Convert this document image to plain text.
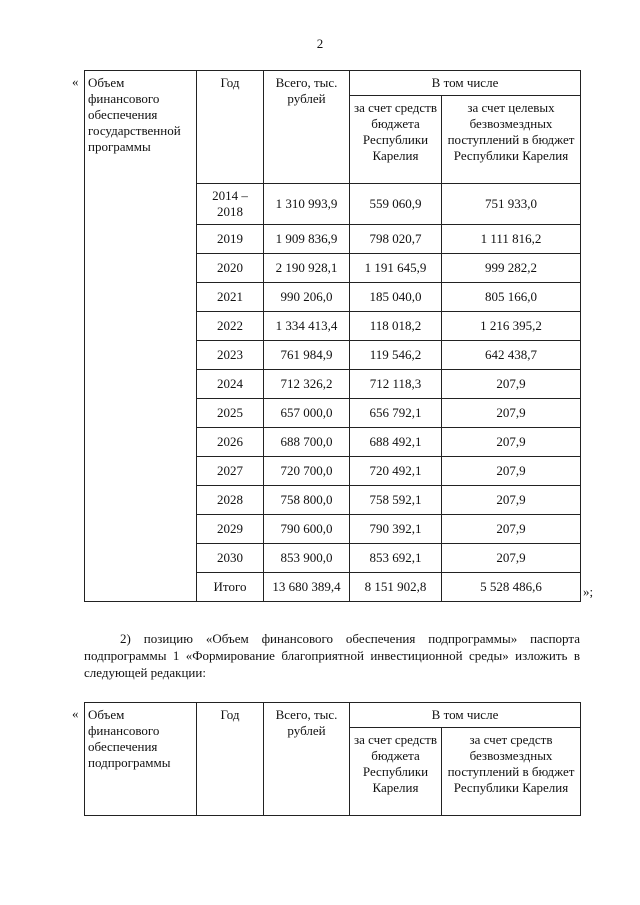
2
« Объем финансового обеспечения государственной программы	Год	Всего, тыс. рублей	В том числе	
			за счет средств бюджета Республики Карелия	за счет целевых безвозмездных поступлений в бюджет Республики Карелия
	2014 – 2018	1 310 993,9	559 060,9	751 933,0
	2019	1 909 836,9	798 020,7	1 111 816,2
	2020	2 190 928,1	1 191 645,9	999 282,2
	2021	990 206,0	185 040,0	805 166,0
	2022	1 334 413,4	118 018,2	1 216 395,2
	2023	761 984,9	119 546,2	642 438,7
	2024	712 326,2	712 118,3	207,9
	2025	657 000,0	656 792,1	207,9
	2026	688 700,0	688 492,1	207,9
	2027	720 700,0	720 492,1	207,9
	2028	758 800,0	758 592,1	207,9
	2029	790 600,0	790 392,1	207,9
	2030	853 900,0	853 692,1	207,9
	Итого	13 680 389,4	8 151 902,8	5 528 486,6	»;
2) позицию «Объем финансового обеспечения подпрограммы» паспорта подпрограммы 1 «Формирование благоприятной инвестиционной среды» изложить в следующей редакции:
« Объем финансового обеспечения подпрограммы	Год	Всего, тыс. рублей	В том числе	
			за счет средств бюджета Республики Карелия	за счет средств безвозмездных поступлений в бюджет Республики Карелия
